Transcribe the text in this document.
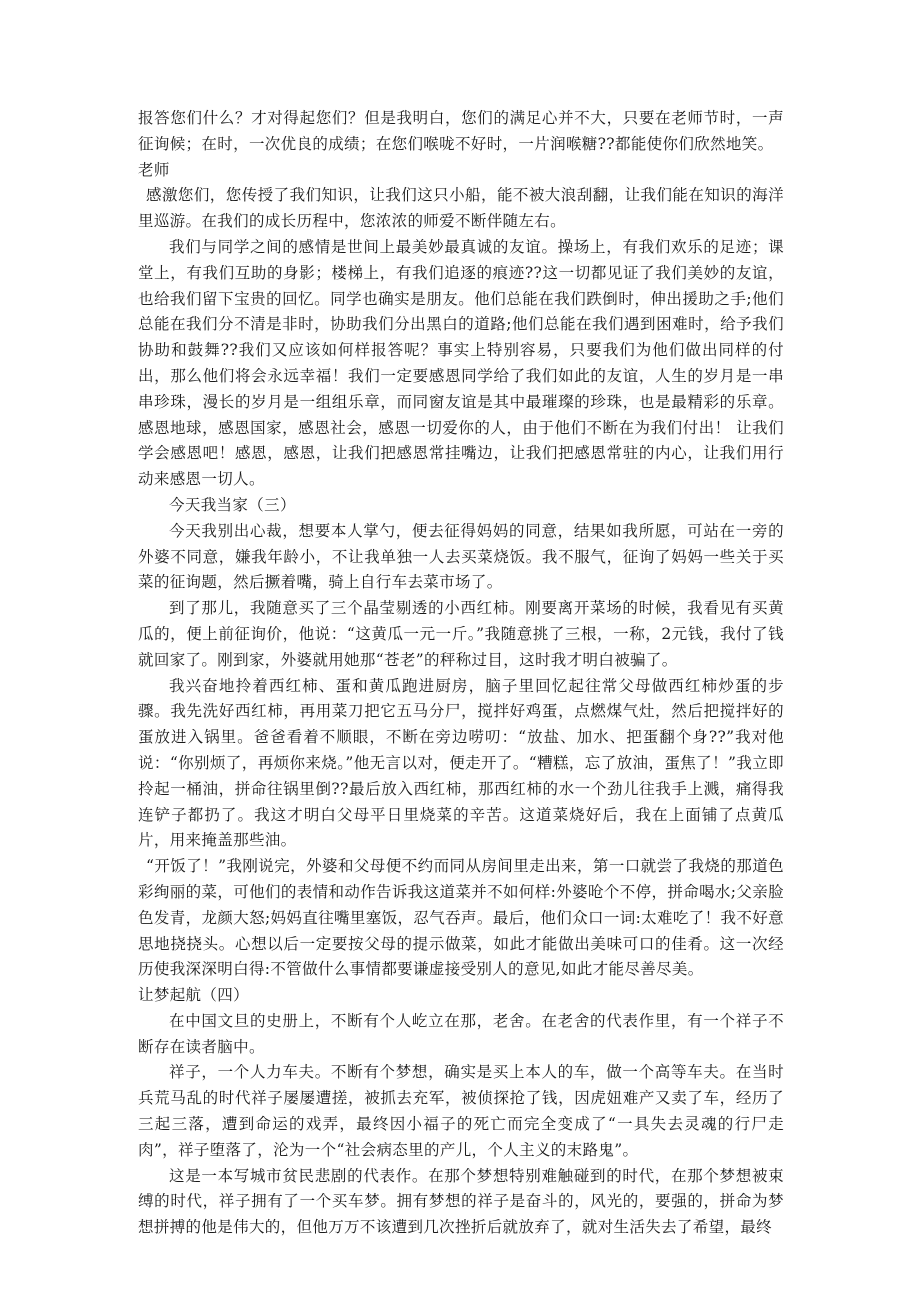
报答您们什么？才对得起您们？但是我明白，您们的满足心并不大，只要在老师节时，一声征询候；在时，一次优良的成绩；在您们喉咙不好时，一片润喉糖??都能使你们欣然地笑。

老师

感激您们，您传授了我们知识，让我们这只小船，能不被大浪刮翻，让我们能在知识的海洋里巡游。在我们的成长历程中，您浓浓的师爱不断伴随左右。

我们与同学之间的感情是世间上最美妙最真诚的友谊。操场上，有我们欢乐的足迹；课堂上，有我们互助的身影；楼梯上，有我们追逐的痕迹??这一切都见证了我们美妙的友谊，也给我们留下宝贵的回忆。同学也确实是朋友。他们总能在我们跌倒时，伸出援助之手;他们总能在我们分不清是非时，协助我们分出黑白的道路;他们总能在我们遇到困难时，给予我们协助和鼓舞??我们又应该如何样报答呢？事实上特别容易，只要我们为他们做出同样的付出，那么他们将会永远幸福！我们一定要感恩同学给了我们如此的友谊，人生的岁月是一串串珍珠，漫长的岁月是一组组乐章，而同窗友谊是其中最璀璨的珍珠，也是最精彩的乐章。感恩地球，感恩国家，感恩社会，感恩一切爱你的人，由于他们不断在为我们付出！ 让我们学会感恩吧！感恩，感恩，让我们把感恩常挂嘴边，让我们把感恩常驻的内心，让我们用行动来感恩一切人。

今天我当家（三）

今天我别出心裁，想要本人掌勺，便去征得妈妈的同意，结果如我所愿，可站在一旁的外婆不同意，嫌我年龄小，不让我单独一人去买菜烧饭。我不服气，征询了妈妈一些关于买菜的征询题，然后撅着嘴，骑上自行车去菜市场了。

到了那儿，我随意买了三个晶莹剔透的小西红柿。刚要离开菜场的时候，我看见有买黄瓜的，便上前征询价，他说：“这黄瓜一元一斤。”我随意挑了三根，一称，2元钱，我付了钱就回家了。刚到家，外婆就用她那“苍老”的秤称过目，这时我才明白被骗了。

我兴奋地拎着西红柿、蛋和黄瓜跑进厨房，脑子里回忆起往常父母做西红柿炒蛋的步骤。我先洗好西红柿，再用菜刀把它五马分尸，搅拌好鸡蛋，点燃煤气灶，然后把搅拌好的蛋放进入锅里。爸爸看着不顺眼，不断在旁边唠叨：“放盐、加水、把蛋翻个身??”我对他说：“你别烦了，再烦你来烧。”他无言以对，便走开了。“糟糕，忘了放油，蛋焦了！”我立即拎起一桶油，拼命往锅里倒??最后放入西红柿，那西红柿的水一个劲儿往我手上溅，痛得我连铲子都扔了。我这才明白父母平日里烧菜的辛苦。这道菜烧好后，我在上面铺了点黄瓜片，用来掩盖那些油。

“开饭了！”我刚说完，外婆和父母便不约而同从房间里走出来，第一口就尝了我烧的那道色彩绚丽的菜，可他们的表情和动作告诉我这道菜并不如何样:外婆呛个不停，拼命喝水;父亲脸色发青，龙颜大怒;妈妈直往嘴里塞饭，忍气吞声。最后，他们众口一词:太难吃了！我不好意思地挠挠头。心想以后一定要按父母的提示做菜，如此才能做出美味可口的佳肴。这一次经历使我深深明白得:不管做什么事情都要谦虚接受别人的意见,如此才能尽善尽美。

让梦起航（四）

在中国文旦的史册上，不断有个人屹立在那，老舍。在老舍的代表作里，有一个祥子不断存在读者脑中。

祥子，一个人力车夫。不断有个梦想，确实是买上本人的车，做一个高等车夫。在当时兵荒马乱的时代祥子屡屡遭搓，被抓去充军，被侦探抢了钱，因虎妞难产又卖了车，经历了三起三落，遭到命运的戏弄，最终因小福子的死亡而完全变成了“一具失去灵魂的行尸走肉”，祥子堕落了，沦为一个“社会病态里的产儿，个人主义的末路鬼”。

这是一本写城市贫民悲剧的代表作。在那个梦想特别难触碰到的时代，在那个梦想被束缚的时代，祥子拥有了一个买车梦。拥有梦想的祥子是奋斗的，风光的，要强的，拼命为梦想拼搏的他是伟大的，但他万万不该遭到几次挫折后就放弃了，就对生活失去了希望，最终
